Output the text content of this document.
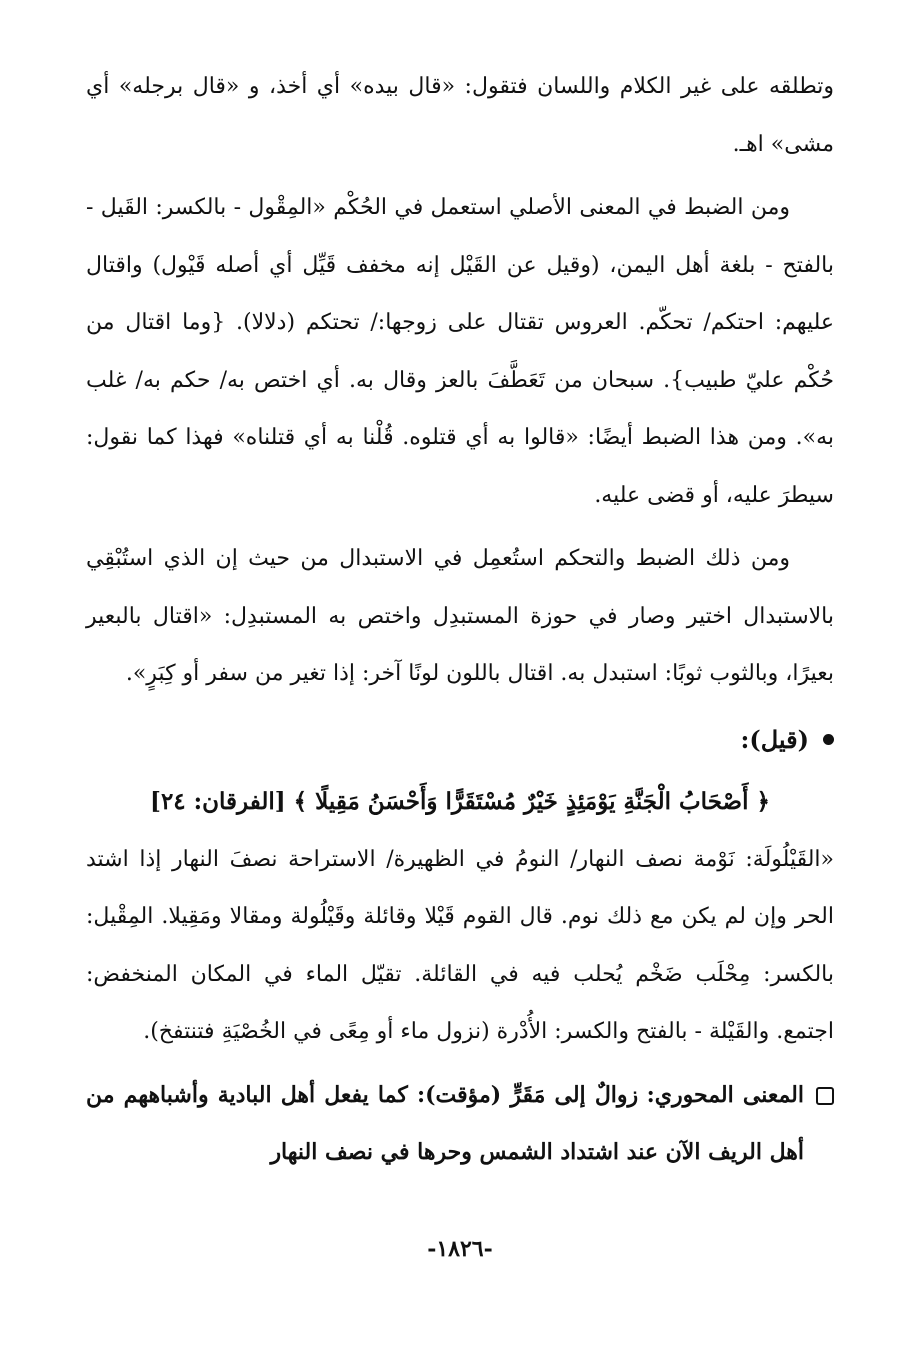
وتطلقه على غير الكلام واللسان فتقول: «قال بيده» أي أخذ، و «قال برجله» أي مشى» اهـ.

ومن الضبط في المعنى الأصلي استعمل في الحُكْم «المِقْول - بالكسر: القَيل - بالفتح - بلغة أهل اليمن، (وقيل عن القَيْل إنه مخفف قَيِّل أي أصله قَيْول) واقتال عليهم: احتكم/ تحكّم. العروس تقتال على زوجها:/ تحتكم (دلالا). {وما اقتال من حُكْم عليّ طبيب}. سبحان من تَعَطَّفَ بالعز وقال به. أي اختص به/ حكم به/ غلب به». ومن هذا الضبط أيضًا: «قالوا به أي قتلوه. قُلْنا به أي قتلناه» فهذا كما نقول: سيطرَ عليه، أو قضى عليه.

ومن ذلك الضبط والتحكم استُعمِل في الاستبدال من حيث إن الذي استُبْقِي بالاستبدال اختير وصار في حوزة المستبدِل واختص به المستبدِل: «اقتال بالبعير بعيرًا، وبالثوب ثوبًا: استبدل به. اقتال باللون لونًا آخر: إذا تغير من سفر أو كِبَرٍ».

(قيل):
﴿ أَصْحَابُ الْجَنَّةِ يَوْمَئِذٍ خَيْرٌ مُسْتَقَرًّا وَأَحْسَنُ مَقِيلًا ﴾ [الفرقان: ٢٤]

«القَيْلُولَة: نَوْمة نصف النهار/ النومُ في الظهيرة/ الاستراحة نصفَ النهار إذا اشتد الحر وإن لم يكن مع ذلك نوم. قال القوم قَيْلا وقائلة وقَيْلُولة ومقالا ومَقِيلا. المِقْيل: بالكسر: مِحْلَب ضَخْم يُحلب فيه في القائلة. تقيّل الماء في المكان المنخفض: اجتمع. والقَيْلة - بالفتح والكسر: الأُدْرة (نزول ماء أو مِعًى في الخُصْيَةِ فتنتفخ).

المعنى المحوري: زوالٌ إلى مَقَرٍّ (مؤقت): كما يفعل أهل البادية وأشباههم من أهل الريف الآن عند اشتداد الشمس وحرها في نصف النهار
-١٨٢٦-
